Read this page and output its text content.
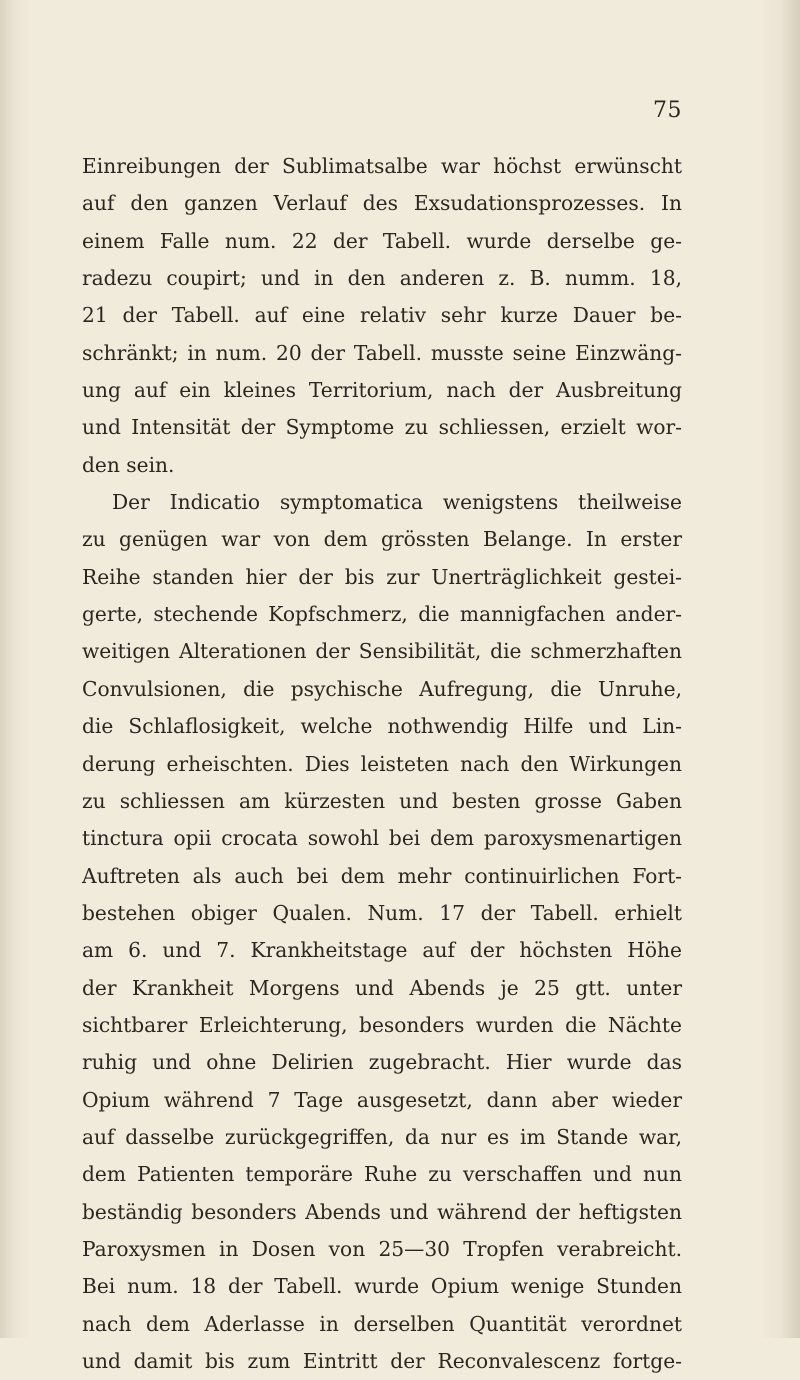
75
Einreibungen der Sublimatsalbe war höchst erwünscht
auf den ganzen Verlauf des Exsudationsprozesses. In
einem Falle num. 22 der Tabell. wurde derselbe ge-
radezu coupirt; und in den anderen z. B. numm. 18,
21 der Tabell. auf eine relativ sehr kurze Dauer be-
schränkt; in num. 20 der Tabell. musste seine Einzwäng-
ung auf ein kleines Territorium, nach der Ausbreitung
und Intensität der Symptome zu schliessen, erzielt wor-
den sein.
Der Indicatio symptomatica wenigstens theilweise
zu genügen war von dem grössten Belange. In erster
Reihe standen hier der bis zur Unerträglichkeit gestei-
gerte, stechende Kopfschmerz, die mannigfachen ander-
weitigen Alterationen der Sensibilität, die schmerzhaften
Convulsionen, die psychische Aufregung, die Unruhe,
die Schlaflosigkeit, welche nothwendig Hilfe und Lin-
derung erheischten. Dies leisteten nach den Wirkungen
zu schliessen am kürzesten und besten grosse Gaben
tinctura opii crocata sowohl bei dem paroxysmenartigen
Auftreten als auch bei dem mehr continuirlichen Fort-
bestehen obiger Qualen. Num. 17 der Tabell. erhielt
am 6. und 7. Krankheitstage auf der höchsten Höhe
der Krankheit Morgens und Abends je 25 gtt. unter
sichtbarer Erleichterung, besonders wurden die Nächte
ruhig und ohne Delirien zugebracht. Hier wurde das
Opium während 7 Tage ausgesetzt, dann aber wieder
auf dasselbe zurückgegriffen, da nur es im Stande war,
dem Patienten temporäre Ruhe zu verschaffen und nun
beständig besonders Abends und während der heftigsten
Paroxysmen in Dosen von 25—30 Tropfen verabreicht.
Bei num. 18 der Tabell. wurde Opium wenige Stunden
nach dem Aderlasse in derselben Quantität verordnet
und damit bis zum Eintritt der Reconvalescenz fortge-
